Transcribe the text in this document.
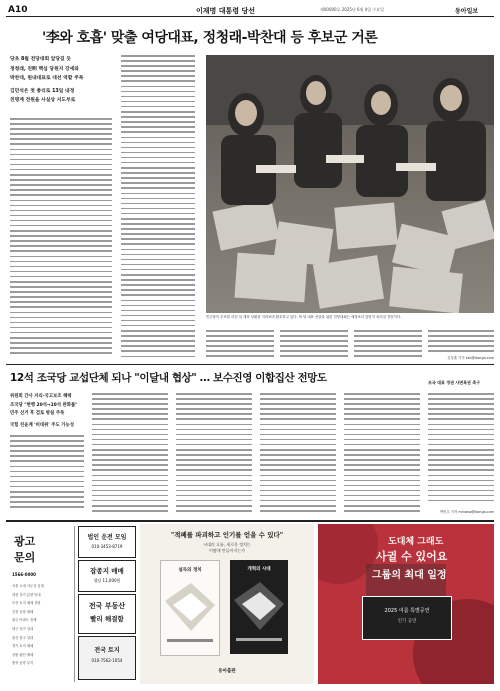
A10	이재명 대통령 당선	제00000호 2025년 6월 4일 수요일	동아일보
'李와 호흡' 맞출 여당대표, 정청래-박찬대 등 후보군 거론
당초 8월 전당대회 앞당길 듯
정청래, 친明 핵심 당원지 강세와
박찬대, 원내대표로 대선 역할 주목
김민석은 첫 총리로 13일 내정
친명계 전원을 사실상 지도부로
민주당이 투표를 마친 뒤 개표 상황을 지켜보며 환호하고 있다. 새 당 대표 선출을 위한 전당대회는 예정보다 앞당겨 치러질 전망이다.
김상훈 기자 ksh@donga.com
12석 조국당 교섭단체 되나 "이달내 협상" … 보수진영 이합집산 전망도
위원회 간사 자리-국고보조 혜택
조국당 "현행 20석→10석 완화를"
민주 선거 후 검토 방침 주목
국힘 친윤계 '비대위' 주도 가능성
조국 대표 정권 사면복권 촉구
박민우 기자 minwoo@donga.com
광고
문의
1566-0000
서울 시내 사무실 임대
대전 상가 분양 안내
부산 토지 매매 상담
인천 공장 매매
광주 아파트 전세
대구 상가 임대
울산 창고 임대
경기 토지 매매
강원 펜션 매매
충북 공장 부지
법인 운전 모임
010-3453-8719
잡종지 매매
평당 11,000원
전국 부동산
빨리 해결함
전국 토지
010-7562-1054
"적폐를 파괴하고 인기를 얻을 수 있다"
시대의 흐름, 새로운 정치는
어떻게 만들어지는가
설득의 정치	개혁의 시대
동아출판
도대체 그래도
사귈 수 있어요
그룹의 최대 일정
2025 여름 특별공연
인기 공연
